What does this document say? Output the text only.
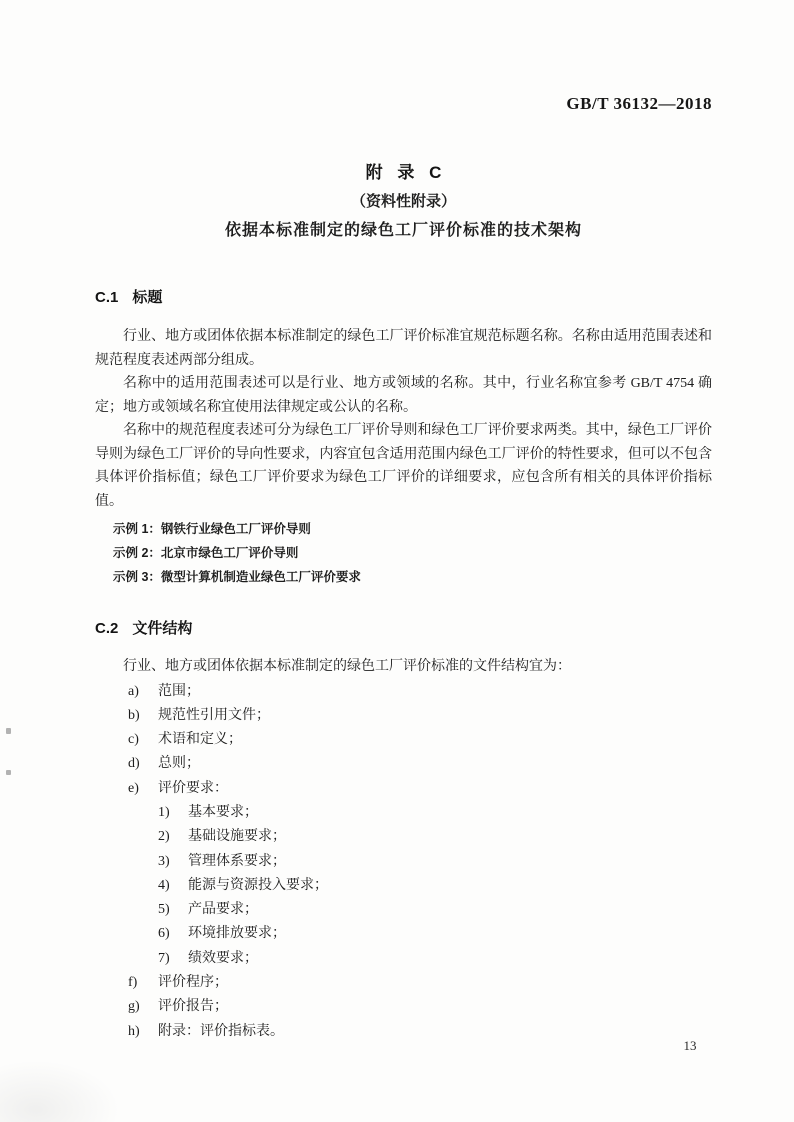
GB/T 36132—2018
附 录 C
（资料性附录）
依据本标准制定的绿色工厂评价标准的技术架构
C.1 标题

行业、地方或团体依据本标准制定的绿色工厂评价标准宜规范标题名称。名称由适用范围表述和规范程度表述两部分组成。

名称中的适用范围表述可以是行业、地方或领域的名称。其中，行业名称宜参考 GB/T 4754 确定；地方或领域名称宜使用法律规定或公认的名称。

名称中的规范程度表述可分为绿色工厂评价导则和绿色工厂评价要求两类。其中，绿色工厂评价导则为绿色工厂评价的导向性要求，内容宜包含适用范围内绿色工厂评价的特性要求，但可以不包含具体评价指标值；绿色工厂评价要求为绿色工厂评价的详细要求，应包含所有相关的具体评价指标值。

示例 1：钢铁行业绿色工厂评价导则
示例 2：北京市绿色工厂评价导则
示例 3：微型计算机制造业绿色工厂评价要求
C.2 文件结构

行业、地方或团体依据本标准制定的绿色工厂评价标准的文件结构宜为：

a)	范围；
b)	规范性引用文件；
c)	术语和定义；
d)	总则；
e)	评价要求：
1)	基本要求；
2)	基础设施要求；
3)	管理体系要求；
4)	能源与资源投入要求；
5)	产品要求；
6)	环境排放要求；
7)	绩效要求；
f)	评价程序；
g)	评价报告；
h)	附录：评价指标表。
13
